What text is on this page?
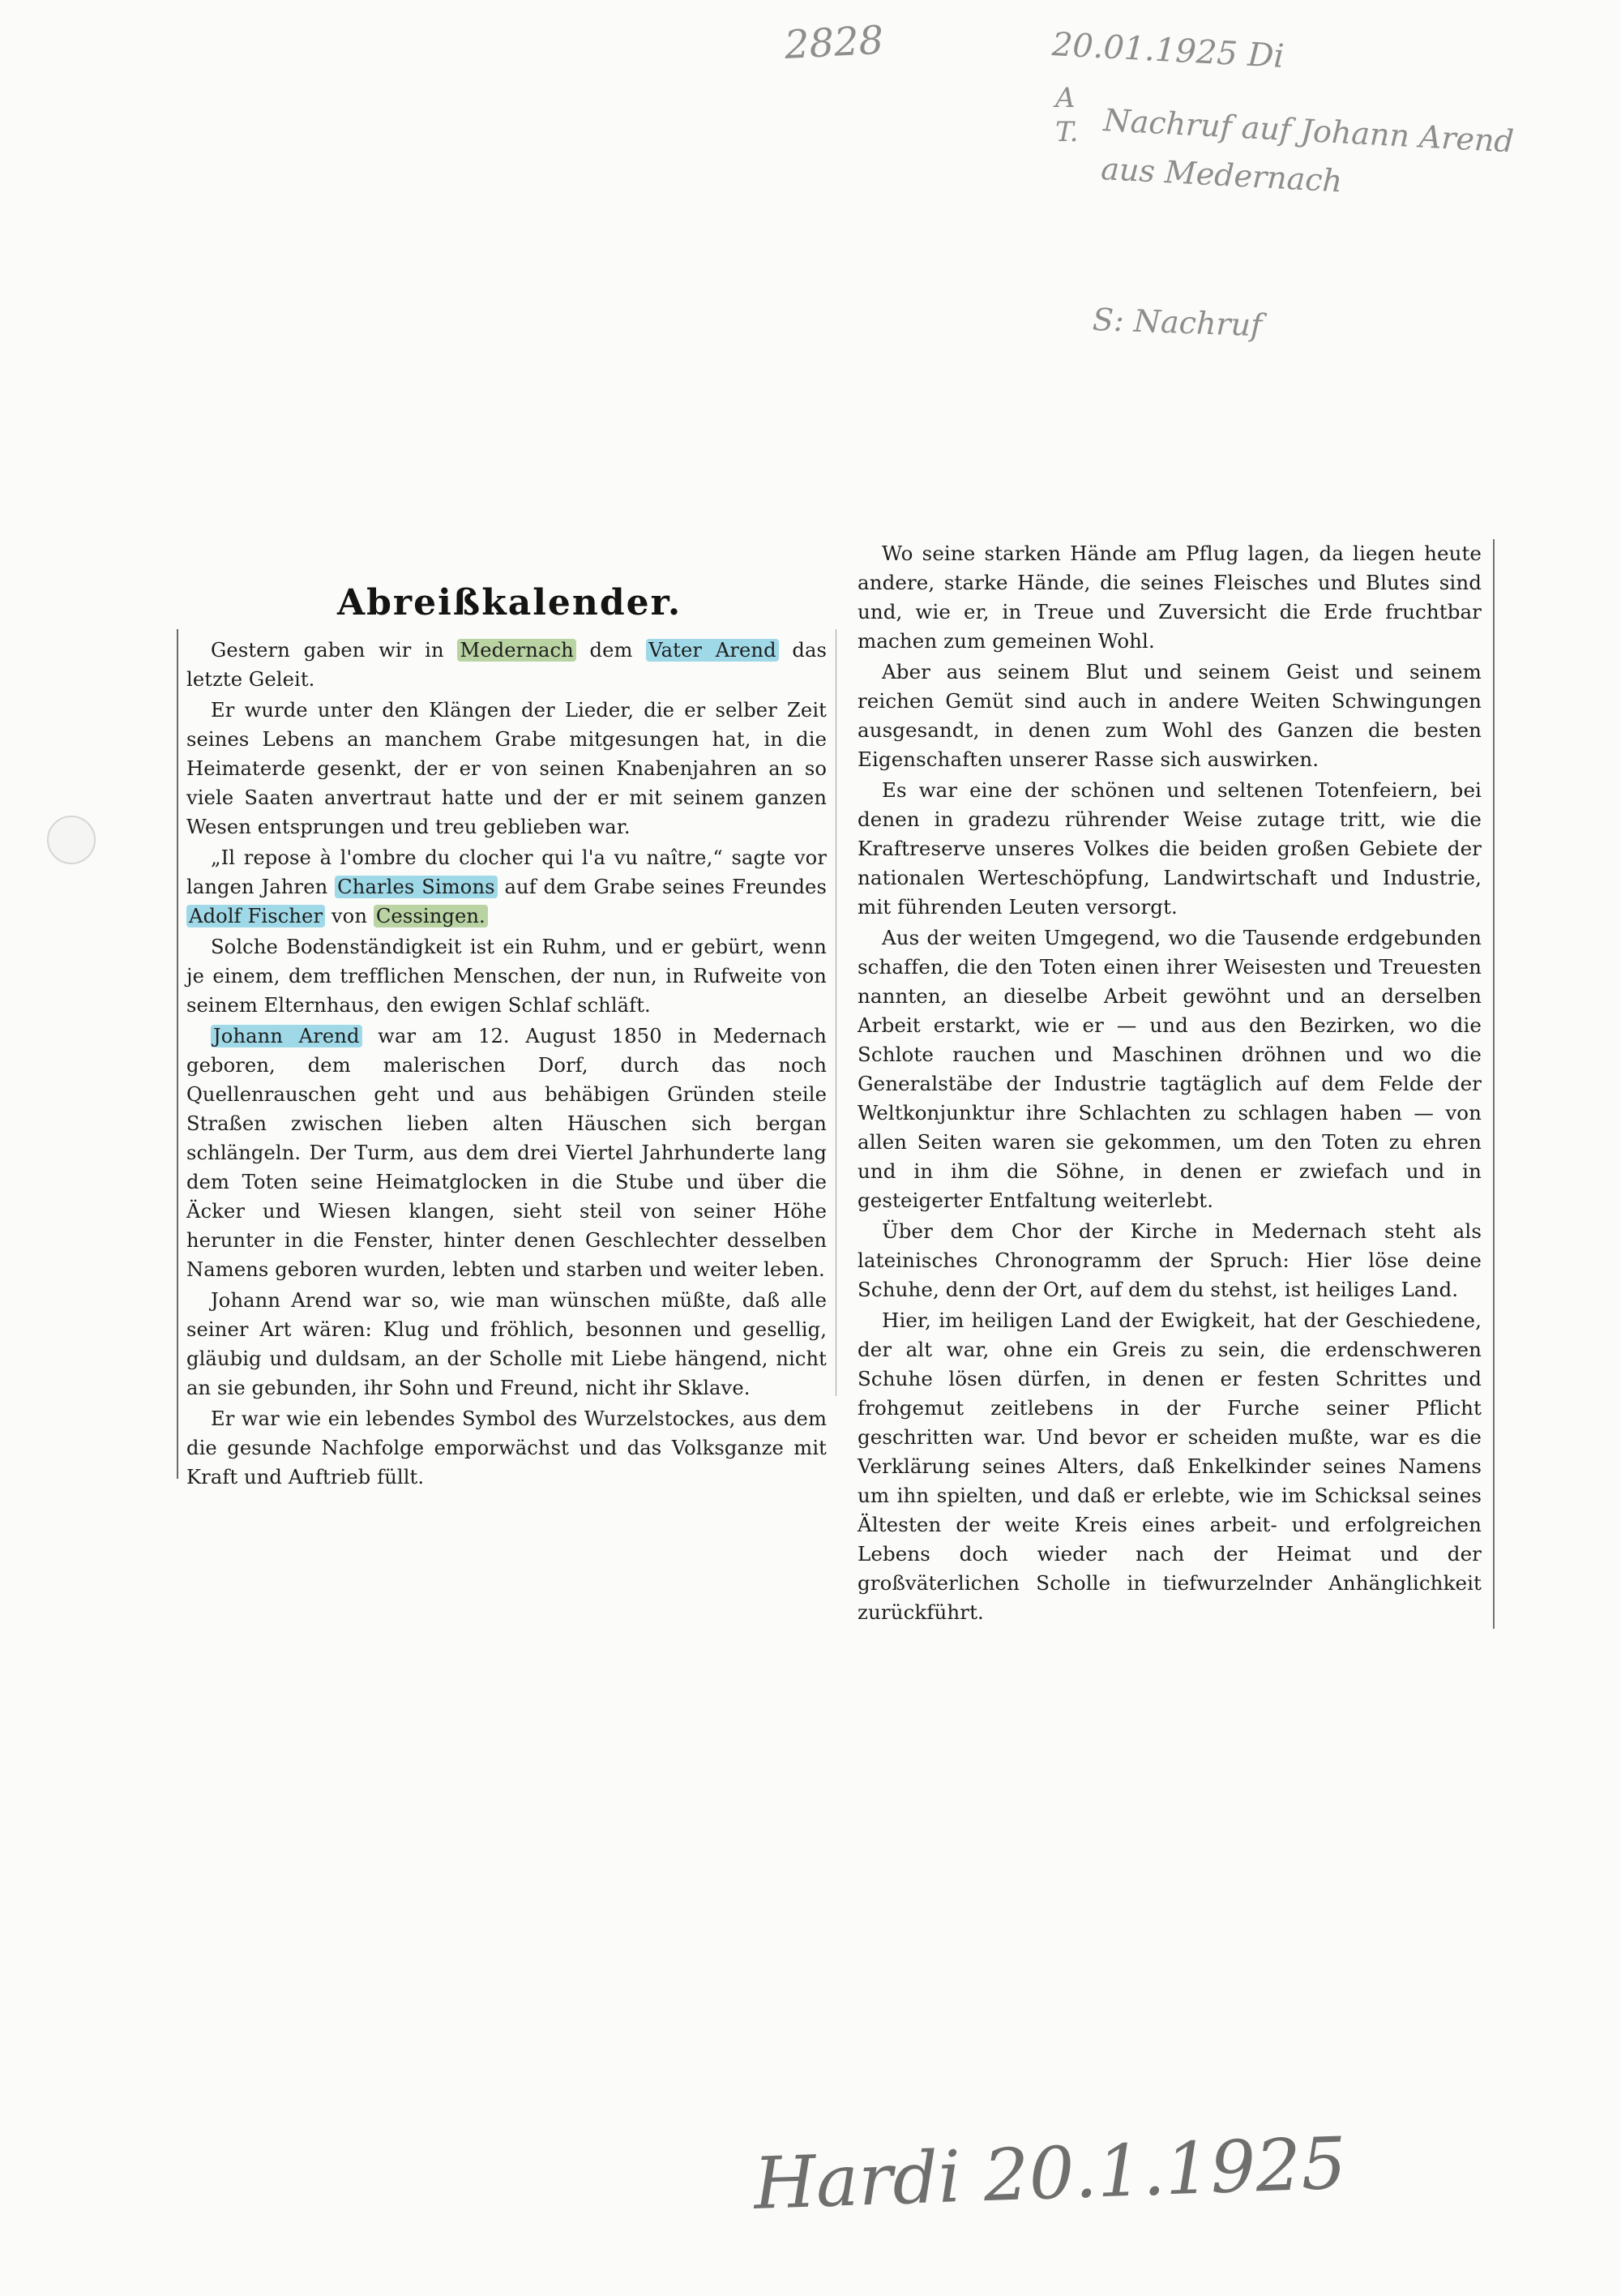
2828	20.01.1925 Di

A
T. Nachruf auf Johann Arend
aus Medernach

S: Nachruf

Abreißkalender.

Gestern gaben wir in Medernach dem Vater Arend das letzte Geleit.

Er wurde unter den Klängen der Lieder, die er selber Zeit seines Lebens an manchem Grabe mitgesungen hat, in die Heimaterde gesenkt, der er von seinen Knabenjahren an so viele Saaten anvertraut hatte und der er mit seinem ganzen Wesen entsprungen und treu geblieben war.

„Il repose à l'ombre du clocher qui l'a vu naître,“ sagte vor langen Jahren Charles Simons auf dem Grabe seines Freundes Adolf Fischer von Cessingen.

Solche Bodenständigkeit ist ein Ruhm, und er gebürt, wenn je einem, dem trefflichen Menschen, der nun, in Rufweite von seinem Elternhaus, den ewigen Schlaf schläft.

Johann Arend war am 12. August 1850 in Medernach geboren, dem malerischen Dorf, durch das noch Quellenrauschen geht und aus behäbigen Gründen steile Straßen zwischen lieben alten Häuschen sich bergan schlängeln. Der Turm, aus dem drei Viertel Jahrhunderte lang dem Toten seine Heimatglocken in die Stube und über die Äcker und Wiesen klangen, sieht steil von seiner Höhe herunter in die Fenster, hinter denen Geschlechter desselben Namens geboren wurden, lebten und starben und weiter leben.

Johann Arend war so, wie man wünschen müßte, daß alle seiner Art wären: Klug und fröhlich, besonnen und gesellig, gläubig und duldsam, an der Scholle mit Liebe hängend, nicht an sie gebunden, ihr Sohn und Freund, nicht ihr Sklave.

Er war wie ein lebendes Symbol des Wurzelstockes, aus dem die gesunde Nachfolge emporwächst und das Volksganze mit Kraft und Auftrieb füllt.

Wo seine starken Hände am Pflug lagen, da liegen heute andere, starke Hände, die seines Fleisches und Blutes sind und, wie er, in Treue und Zuversicht die Erde fruchtbar machen zum gemeinen Wohl.

Aber aus seinem Blut und seinem Geist und seinem reichen Gemüt sind auch in andere Weiten Schwingungen ausgesandt, in denen zum Wohl des Ganzen die besten Eigenschaften unserer Rasse sich auswirken.

Es war eine der schönen und seltenen Totenfeiern, bei denen in gradezu rührender Weise zutage tritt, wie die Kraftreserve unseres Volkes die beiden großen Gebiete der nationalen Werteschöpfung, Landwirtschaft und Industrie, mit führenden Leuten versorgt.

Aus der weiten Umgegend, wo die Tausende erdgebunden schaffen, die den Toten einen ihrer Weisesten und Treuesten nannten, an dieselbe Arbeit gewöhnt und an derselben Arbeit erstarkt, wie er — und aus den Bezirken, wo die Schlote rauchen und Maschinen dröhnen und wo die Generalstäbe der Industrie tagtäglich auf dem Felde der Weltkonjunktur ihre Schlachten zu schlagen haben — von allen Seiten waren sie gekommen, um den Toten zu ehren und in ihm die Söhne, in denen er zwiefach und in gesteigerter Entfaltung weiterlebt.

Über dem Chor der Kirche in Medernach steht als lateinisches Chronogramm der Spruch: Hier löse deine Schuhe, denn der Ort, auf dem du stehst, ist heiliges Land.

Hier, im heiligen Land der Ewigkeit, hat der Geschiedene, der alt war, ohne ein Greis zu sein, die erdenschweren Schuhe lösen dürfen, in denen er festen Schrittes und frohgemut zeitlebens in der Furche seiner Pflicht geschritten war. Und bevor er scheiden mußte, war es die Verklärung seines Alters, daß Enkelkinder seines Namens um ihn spielten, und daß er erlebte, wie im Schicksal seines Ältesten der weite Kreis eines arbeit- und erfolgreichen Lebens doch wieder nach der Heimat und der großväterlichen Scholle in tiefwurzelnder Anhänglichkeit zurückführt.

Hardi 20.1.1925
